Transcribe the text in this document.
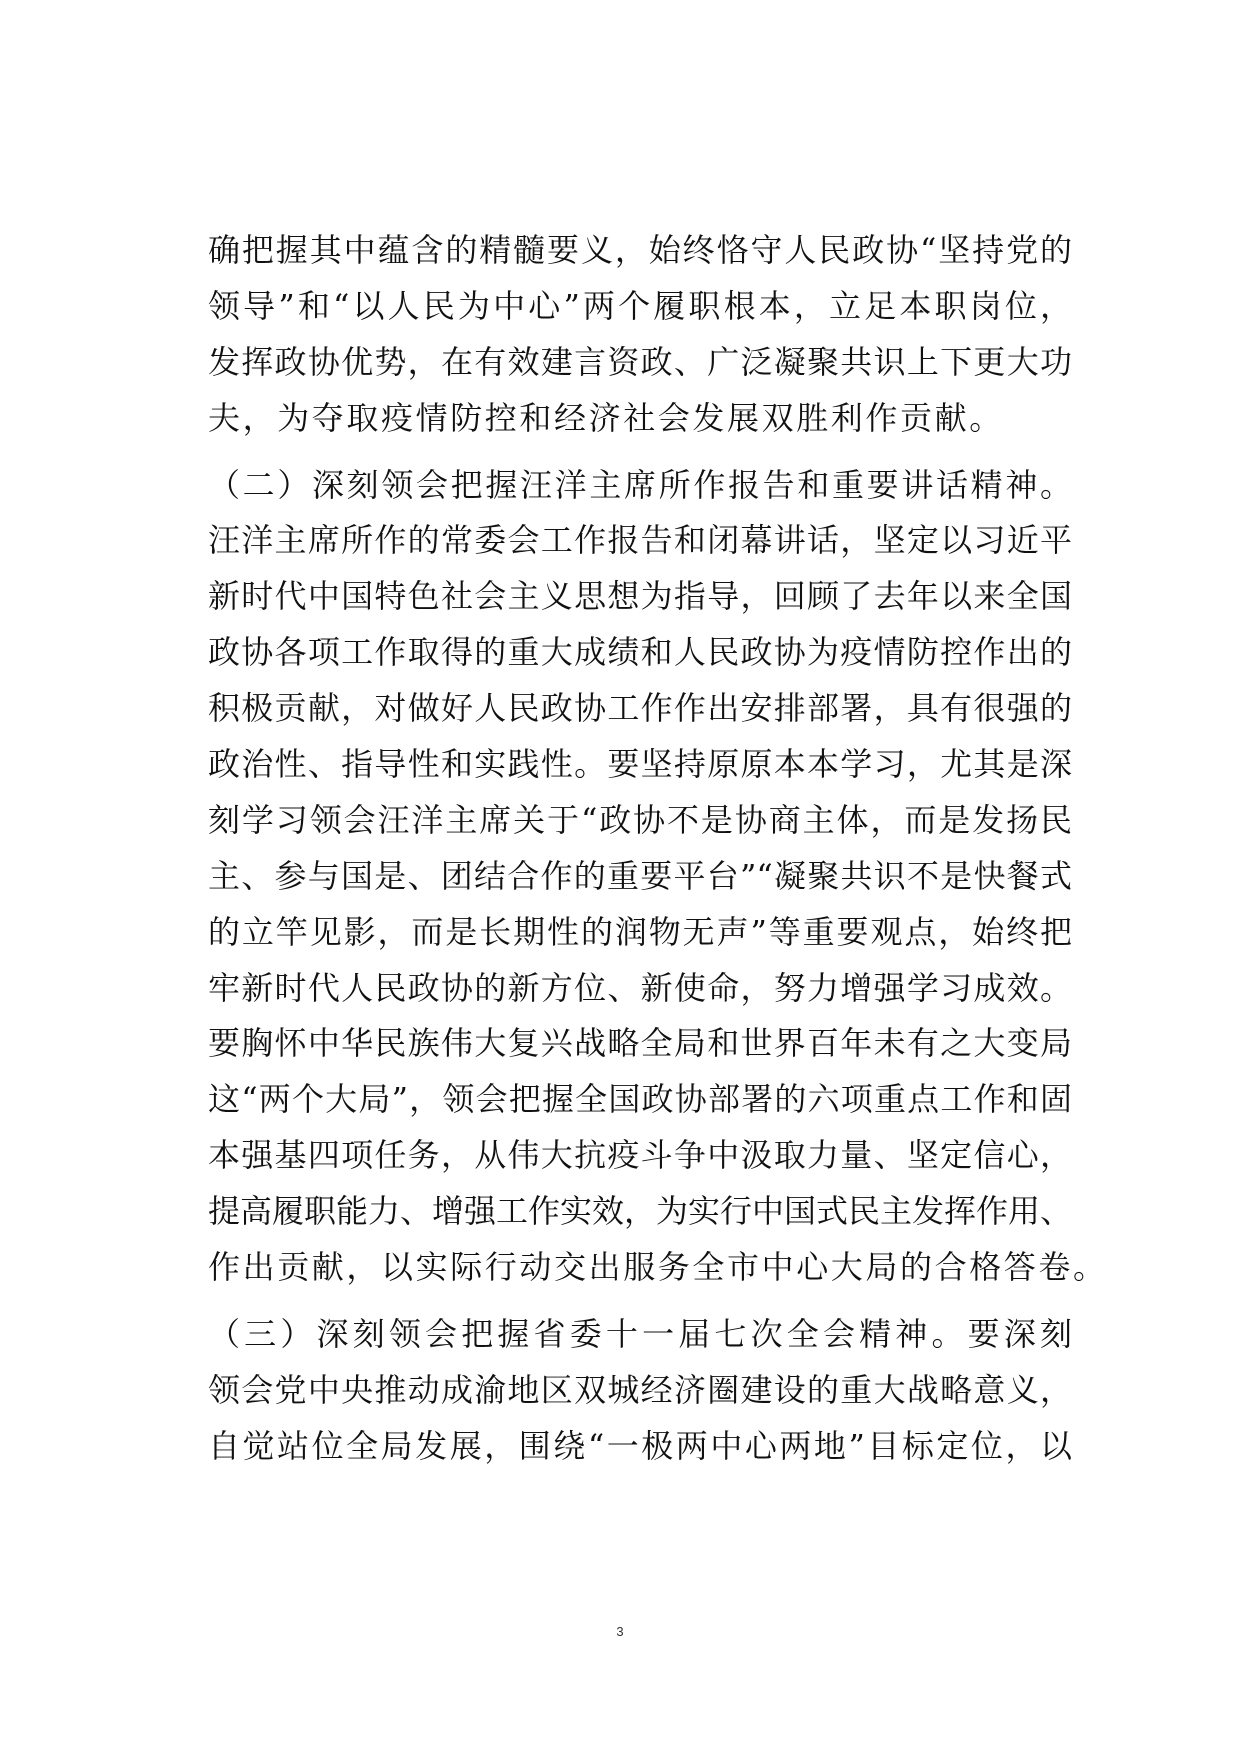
确把握其中蕴含的精髓要义，始终恪守人民政协“坚持党的
领导”和“以人民为中心”两个履职根本，立足本职岗位，
发挥政协优势，在有效建言资政、广泛凝聚共识上下更大功
夫，为夺取疫情防控和经济社会发展双胜利作贡献。
（二）深刻领会把握汪洋主席所作报告和重要讲话精神。
汪洋主席所作的常委会工作报告和闭幕讲话，坚定以习近平
新时代中国特色社会主义思想为指导，回顾了去年以来全国
政协各项工作取得的重大成绩和人民政协为疫情防控作出的
积极贡献，对做好人民政协工作作出安排部署，具有很强的
政治性、指导性和实践性。要坚持原原本本学习，尤其是深
刻学习领会汪洋主席关于“政协不是协商主体，而是发扬民
主、参与国是、团结合作的重要平台”“凝聚共识不是快餐式
的立竿见影，而是长期性的润物无声”等重要观点，始终把
牢新时代人民政协的新方位、新使命，努力增强学习成效。
要胸怀中华民族伟大复兴战略全局和世界百年未有之大变局
这“两个大局”，领会把握全国政协部署的六项重点工作和固
本强基四项任务，从伟大抗疫斗争中汲取力量、坚定信心，
提高履职能力、增强工作实效，为实行中国式民主发挥作用、
作出贡献，以实际行动交出服务全市中心大局的合格答卷。
（三）深刻领会把握省委十一届七次全会精神。要深刻
领会党中央推动成渝地区双城经济圈建设的重大战略意义，
自觉站位全局发展，围绕“一极两中心两地”目标定位，以
3
